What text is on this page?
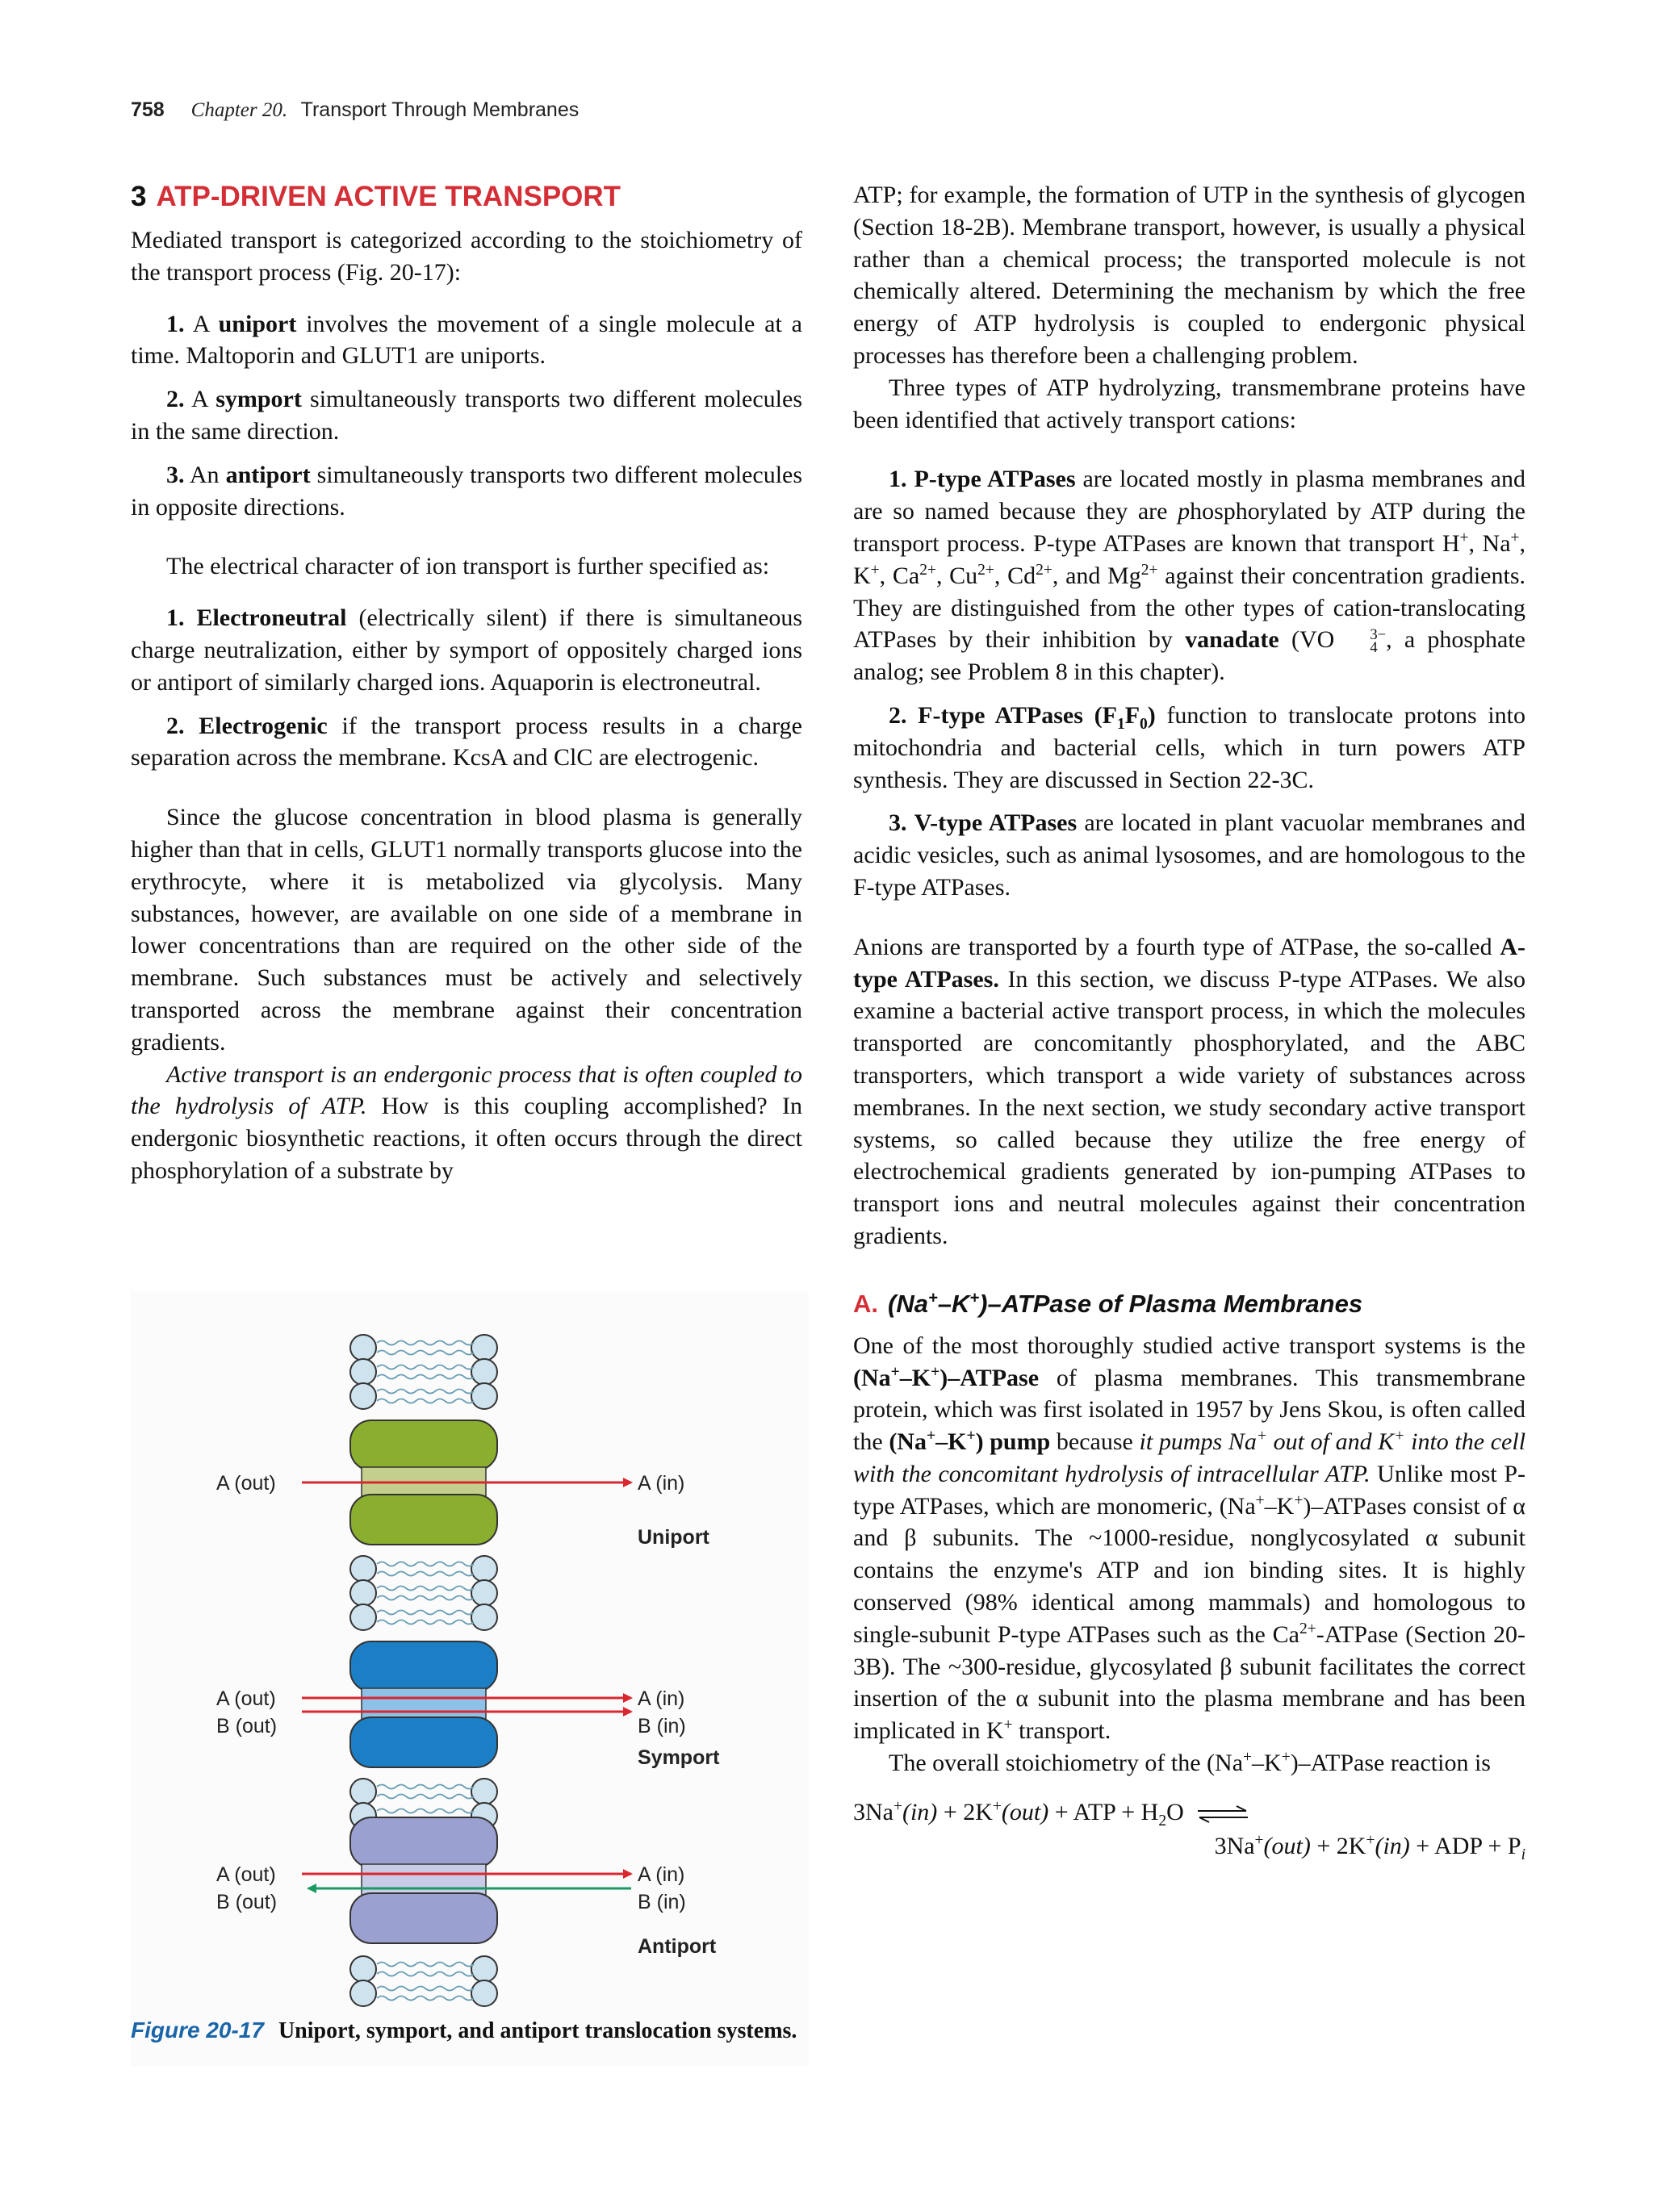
758 Chapter 20. Transport Through Membranes

3 ATP-DRIVEN ACTIVE TRANSPORT

Mediated transport is categorized according to the stoichiometry of the transport process (Fig. 20-17):

1. A uniport involves the movement of a single molecule at a time. Maltoporin and GLUT1 are uniports.

2. A symport simultaneously transports two different molecules in the same direction.

3. An antiport simultaneously transports two different molecules in opposite directions.

The electrical character of ion transport is further specified as:

1. Electroneutral (electrically silent) if there is simultaneous charge neutralization, either by symport of oppositely charged ions or antiport of similarly charged ions. Aquaporin is electroneutral.

2. Electrogenic if the transport process results in a charge separation across the membrane. KcsA and ClC are electrogenic.

Since the glucose concentration in blood plasma is generally higher than that in cells, GLUT1 normally transports glucose into the erythrocyte, where it is metabolized via glycolysis. Many substances, however, are available on one side of a membrane in lower concentrations than are required on the other side of the membrane. Such substances must be actively and selectively transported across the membrane against their concentration gradients.

Active transport is an endergonic process that is often coupled to the hydrolysis of ATP. How is this coupling accomplished? In endergonic biosynthetic reactions, it often occurs through the direct phosphorylation of a substrate by

A (out)	A (in)
Uniport
A (out)
B (out)
A (in)
B (in)
Symport
A (out)
B (out)
A (in)
B (in)
Antiport
Figure 20-17 Uniport, symport, and antiport translocation systems.

ATP; for example, the formation of UTP in the synthesis of glycogen (Section 18-2B). Membrane transport, however, is usually a physical rather than a chemical process; the transported molecule is not chemically altered. Determining the mechanism by which the free energy of ATP hydrolysis is coupled to endergonic physical processes has therefore been a challenging problem.

Three types of ATP hydrolyzing, transmembrane proteins have been identified that actively transport cations:

1. P-type ATPases are located mostly in plasma membranes and are so named because they are phosphorylated by ATP during the transport process. P-type ATPases are known that transport H+, Na+, K+, $Ca^{2+}$, $Cu^{2+}$, $Cd^{2+}$, and $Mg^{2+}$ against their concentration gradients. They are distinguished from the other types of cation-translocating ATPases by their inhibition by vanadate (VO	3−
4 , a phosphate analog; see Problem 8 in this chapter).

2. F-type ATPases $(F_1F_0)$ function to translocate protons into mitochondria and bacterial cells, which in turn powers ATP synthesis. They are discussed in Section 22-3C.

3. V-type ATPases are located in plant vacuolar membranes and acidic vesicles, such as animal lysosomes, and are homologous to the F-type ATPases.

Anions are transported by a fourth type of ATPase, the so-called A-type ATPases. In this section, we discuss P-type ATPases. We also examine a bacterial active transport process, in which the molecules transported are concomitantly phosphorylated, and the ABC transporters, which transport a wide variety of substances across membranes. In the next section, we study secondary active transport systems, so called because they utilize the free energy of electrochemical gradients generated by ion-pumping ATPases to transport ions and neutral molecules against their concentration gradients.

A. (Na+–K+)–ATPase of Plasma Membranes

One of the most thoroughly studied active transport systems is the (Na+–K+)–ATPase of plasma membranes. This transmembrane protein, which was first isolated in 1957 by Jens Skou, is often called the (Na+–K+) pump because it pumps Na+ out of and K+ into the cell with the concomitant hydrolysis of intracellular ATP. Unlike most P-type ATPases, which are monomeric, (Na+–K+)–ATPases consist of α and β subunits. The ~1000-residue, nonglycosylated α subunit contains the enzyme's ATP and ion binding sites. It is highly conserved (98% identical among mammals) and homologous to single-subunit P-type ATPases such as the $Ca^{2+}$-ATPase (Section 20-3B). The ~300-residue, glycosylated β subunit facilitates the correct insertion of the α subunit into the plasma membrane and has been implicated in K+ transport.

The overall stoichiometry of the (Na+–K+)–ATPase reaction is

3Na+(in) + 2K+(out) + ATP + $H_2O$ ⇌
3Na+(out) + 2K+(in) + ADP + $P_i$
